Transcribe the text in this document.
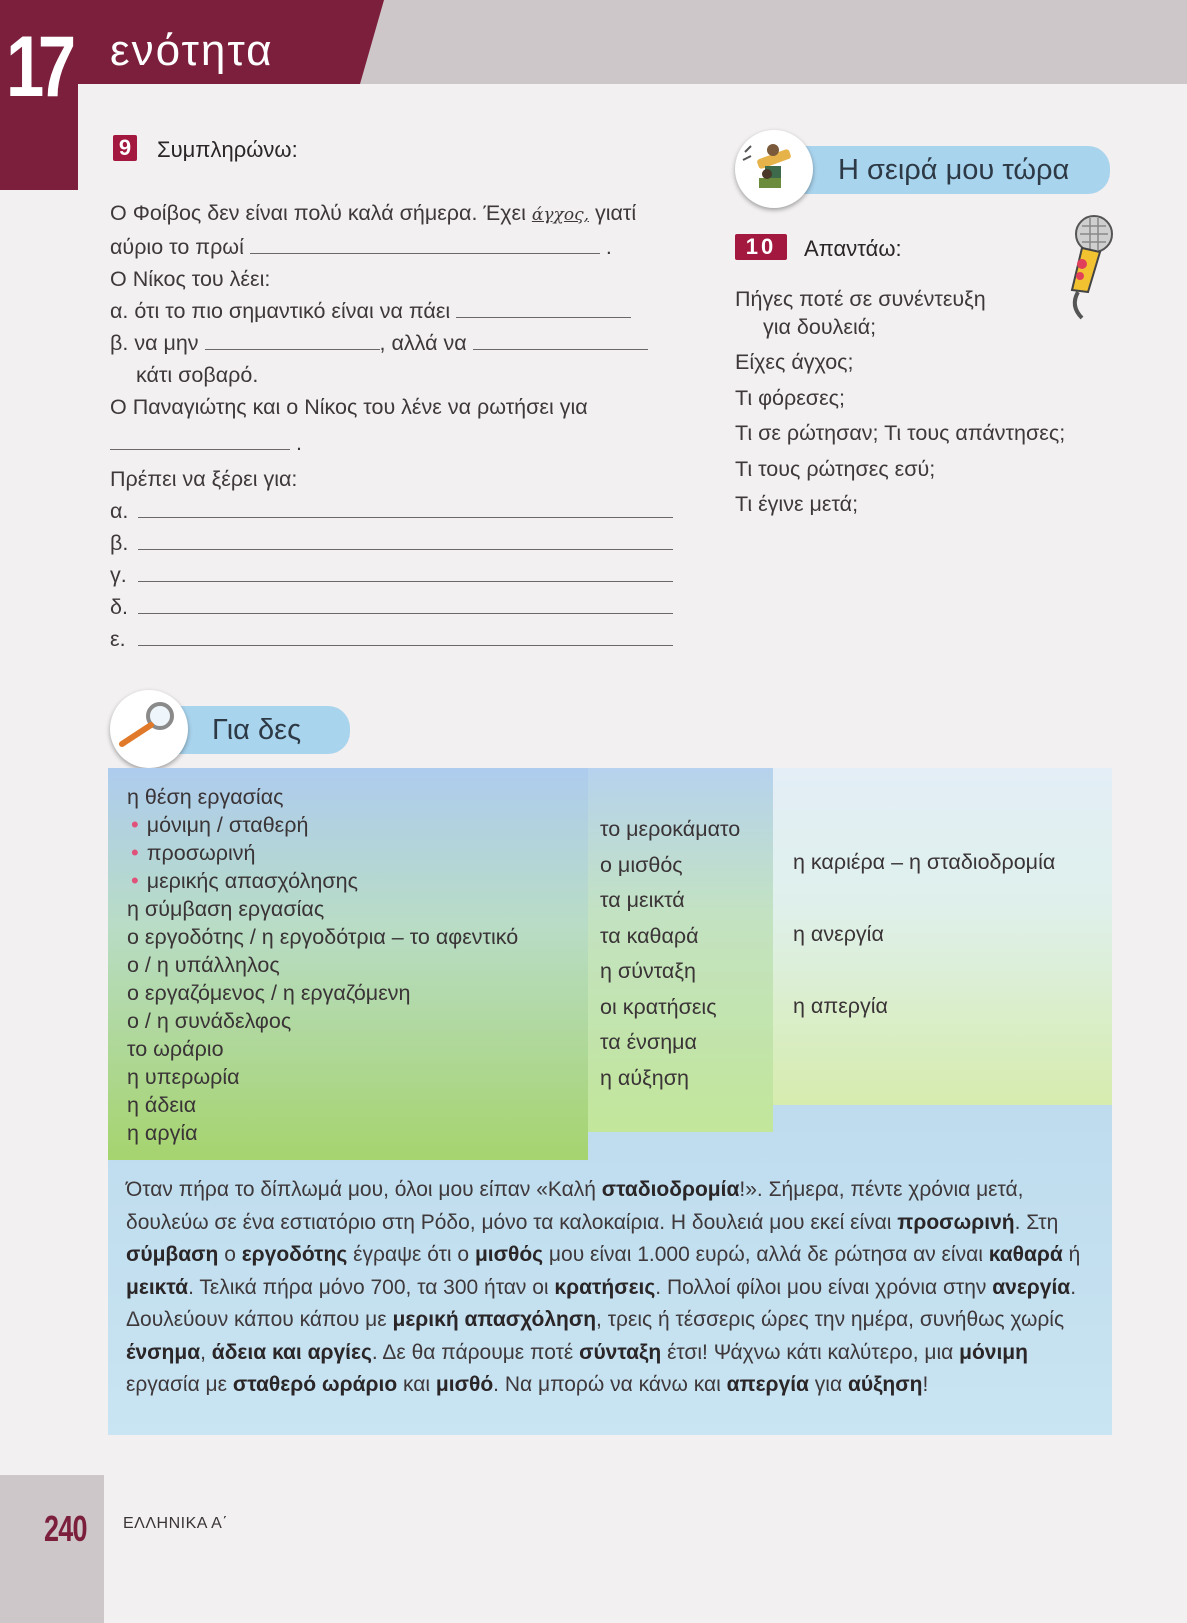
17 ενότητα
9 Συμπληρώνω:
Ο Φοίβος δεν είναι πολύ καλά σήμερα. Έχει άγχος, γιατί
αύριο το πρωί	.
Ο Νίκος του λέει:
α. ότι το πιο σημαντικό είναι να πάει
β. να μην	, αλλά να
κάτι σοβαρό.
Ο Παναγιώτης και ο Νίκος του λένε να ρωτήσει για
.
Πρέπει να ξέρει για:
α.
β.
γ.
δ.
ε.
Η σειρά μου τώρα
10	Απαντάω:
Πήγες ποτέ σε συνέντευξη
για δουλειά;
Είχες άγχος;
Τι φόρεσες;
Τι σε ρώτησαν; Τι τους απάντησες;
Τι τους ρώτησες εσύ;
Τι έγινε μετά;
Για δες
η θέση εργασίας
• μόνιμη / σταθερή
• προσωρινή
• μερικής απασχόλησης
η σύμβαση εργασίας
ο εργοδότης / η εργοδότρια – το αφεντικό
ο / η υπάλληλος
ο εργαζόμενος / η εργαζόμενη
ο / η συνάδελφος
το ωράριο
η υπερωρία
η άδεια
η αργία
το μεροκάματο
ο μισθός
τα μεικτά
τα καθαρά
η σύνταξη
οι κρατήσεις
τα ένσημα
η αύξηση
η καριέρα – η σταδιοδρομία
η ανεργία
η απεργία
Όταν πήρα το δίπλωμά μου, όλοι μου είπαν «Καλή σταδιοδρομία!». Σήμερα, πέντε χρόνια μετά, δουλεύω σε ένα εστιατόριο στη Ρόδο, μόνο τα καλοκαίρια. Η δουλειά μου εκεί είναι προσωρινή. Στη σύμβαση ο εργοδότης έγραψε ότι ο μισθός μου είναι 1.000 ευρώ, αλλά δε ρώτησα αν είναι καθαρά ή μεικτά. Τελικά πήρα μόνο 700, τα 300 ήταν οι κρατήσεις. Πολλοί φίλοι μου είναι χρόνια στην ανεργία. Δουλεύουν κάπου κάπου με μερική απασχόληση, τρεις ή τέσσερις ώρες την ημέρα, συνήθως χωρίς ένσημα, άδεια και αργίες. Δε θα πάρουμε ποτέ σύνταξη έτσι! Ψάχνω κάτι καλύτερο, μια μόνιμη εργασία με σταθερό ωράριο και μισθό. Να μπορώ να κάνω και απεργία για αύξηση!
240 ΕΛΛΗΝΙΚΑ Α΄
